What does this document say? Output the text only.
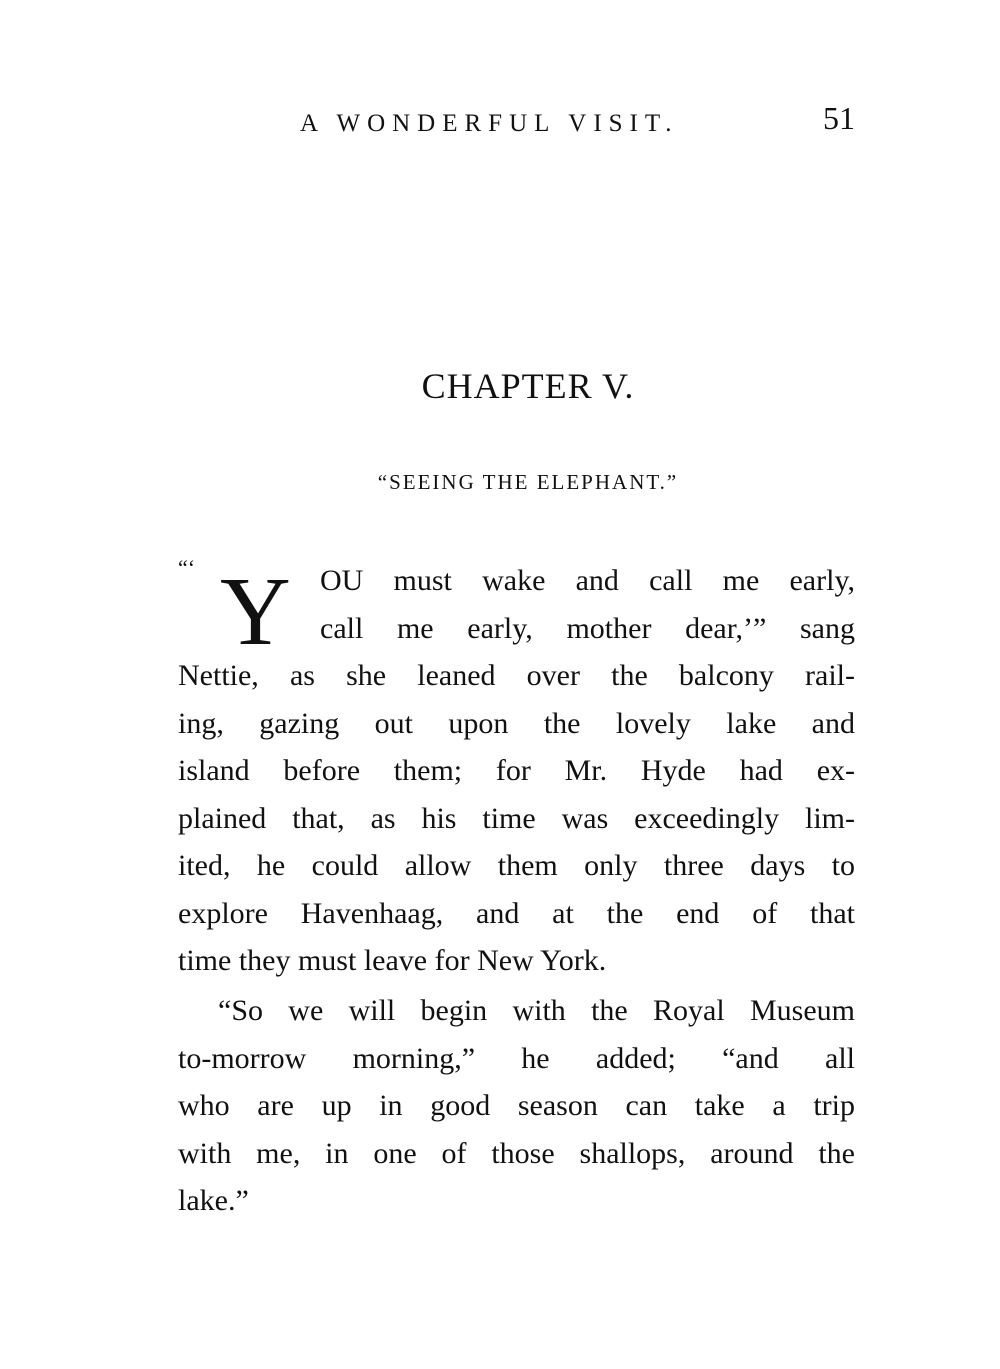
A WONDERFUL VISIT.	51
CHAPTER V.
“SEEING THE ELEPHANT.”
“‘ Y OU must wake and call me early,
call me early, mother dear,’” sang
Nettie, as she leaned over the balcony rail-
ing, gazing out upon the lovely lake and
island before them; for Mr. Hyde had ex-
plained that, as his time was exceedingly lim-
ited, he could allow them only three days to
explore Havenhaag, and at the end of that
time they must leave for New York.
“So we will begin with the Royal Museum
to-morrow morning,” he added; “and all
who are up in good season can take a trip
with me, in one of those shallops, around the
lake.”
